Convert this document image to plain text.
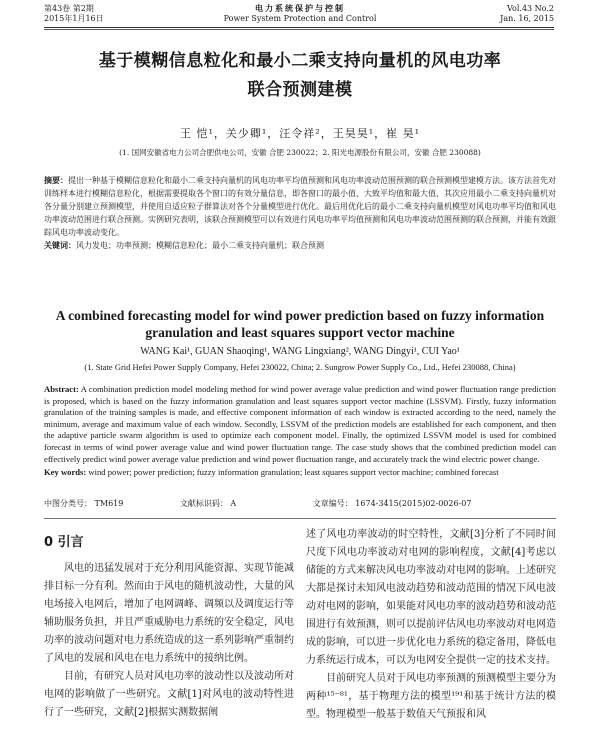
第43卷 第2期
2015年1月16日
电力系统保护与控制
Power System Protection and Control
Vol.43 No.2
Jan. 16, 2015
基于模糊信息粒化和最小二乘支持向量机的风电功率
联合预测建模
王 恺¹，关少卿¹，汪令祥²，王昊昊¹，崔 昊¹
(1. 国网安徽省电力公司合肥供电公司，安徽 合肥 230022；2. 阳光电源股份有限公司，安徽 合肥 230088)
摘要：提出一种基于模糊信息粒化和最小二乘支持向量机的风电功率平均值预测和风电功率波动范围预测的联合预测模型建模方法。该方法首先对训练样本进行模糊信息粒化，根据需要提取各个窗口的有效分量信息，即各窗口的最小值、大致平均值和最大值，其次应用最小二乘支持向量机对各分量分别建立预测模型，并使用自适应粒子群算法对各个分量模型进行优化。最后用优化后的最小二乘支持向量机模型对风电功率平均值和风电功率波动范围进行联合预测。实例研究表明，该联合预测模型可以有效进行风电功率平均值预测和风电功率波动范围预测的联合预测，并能有效跟踪风电功率波动变化。
关键词：风力发电；功率预测；模糊信息粒化；最小二乘支持向量机；联合预测
A combined forecasting model for wind power prediction based on fuzzy information
granulation and least squares support vector machine
WANG Kai¹, GUAN Shaoqing¹, WANG Lingxiang², WANG Dingyi¹, CUI Yao¹
(1. State Grid Hefei Power Supply Company, Hefei 230022, China; 2. Sungrow Power Supply Co., Ltd., Hefei 230088, China)
Abstract: A combination prediction model modeling method for wind power average value prediction and wind power fluctuation range prediction is proposed, which is based on the fuzzy information granulation and least squares support vector machine (LSSVM). Firstly, fuzzy information granulation of the training samples is made, and effective component information of each window is extracted according to the need, namely the minimum, average and maximum value of each window. Secondly, LSSVM of the prediction models are established for each component, and then the adaptive particle swarm algorithm is used to optimize each component model. Finally, the optimized LSSVM model is used for combined forecast in terms of wind power average value and wind power fluctuation range. The case study shows that the combined prediction model can effectively predict wind power average value prediction and wind power fluctuation range, and accurately track the wind electric power change.
Key words: wind power; power prediction; fuzzy information granulation; least squares support vector machine; combined forecast
中图分类号： TM619	文献标识码： A	文章编号： 1674-3415(2015)02-0026-07
0 引言

风电的迅猛发展对于充分利用风能资源、实现节能减排目标一分有利。然而由于风电的随机波动性，大量的风电场接入电网后，增加了电网调峰、调频以及调度运行等辅助服务负担，并且严重威胁电力系统的安全稳定，风电功率的波动问题对电力系统造成的这一系列影响严重制约了风电的发展和风电在电力系统中的接纳比例。

目前，有研究人员对风电功率的波动性以及波动所对电网的影响做了一些研究。文献[1]对风电的波动特性进行了一些研究，文献[2]根据实测数据阐

述了风电功率波动的时空特性，文献[3]分析了不同时间尺度下风电功率波动对电网的影响程度，文献[4]考虑以储能的方式来解决风电功率波动对电网的影响。上述研究大都是探讨未知风电波动趋势和波动范围的情况下风电波动对电网的影响，如果能对风电功率的波动趋势和波动范围进行有效预测，则可以提前评估风电功率波动对电网造成的影响，可以进一步优化电力系统的稳定备用，降低电力系统运行成本，可以为电网安全提供一定的技术支持。

目前研究人员对于风电功率预测的预测模型主要分为两种¹⁵⁻⁸¹，基于物理方法的模型¹⁹¹和基于统计方法的模型。物理模型一般基于数值天气预报和风
